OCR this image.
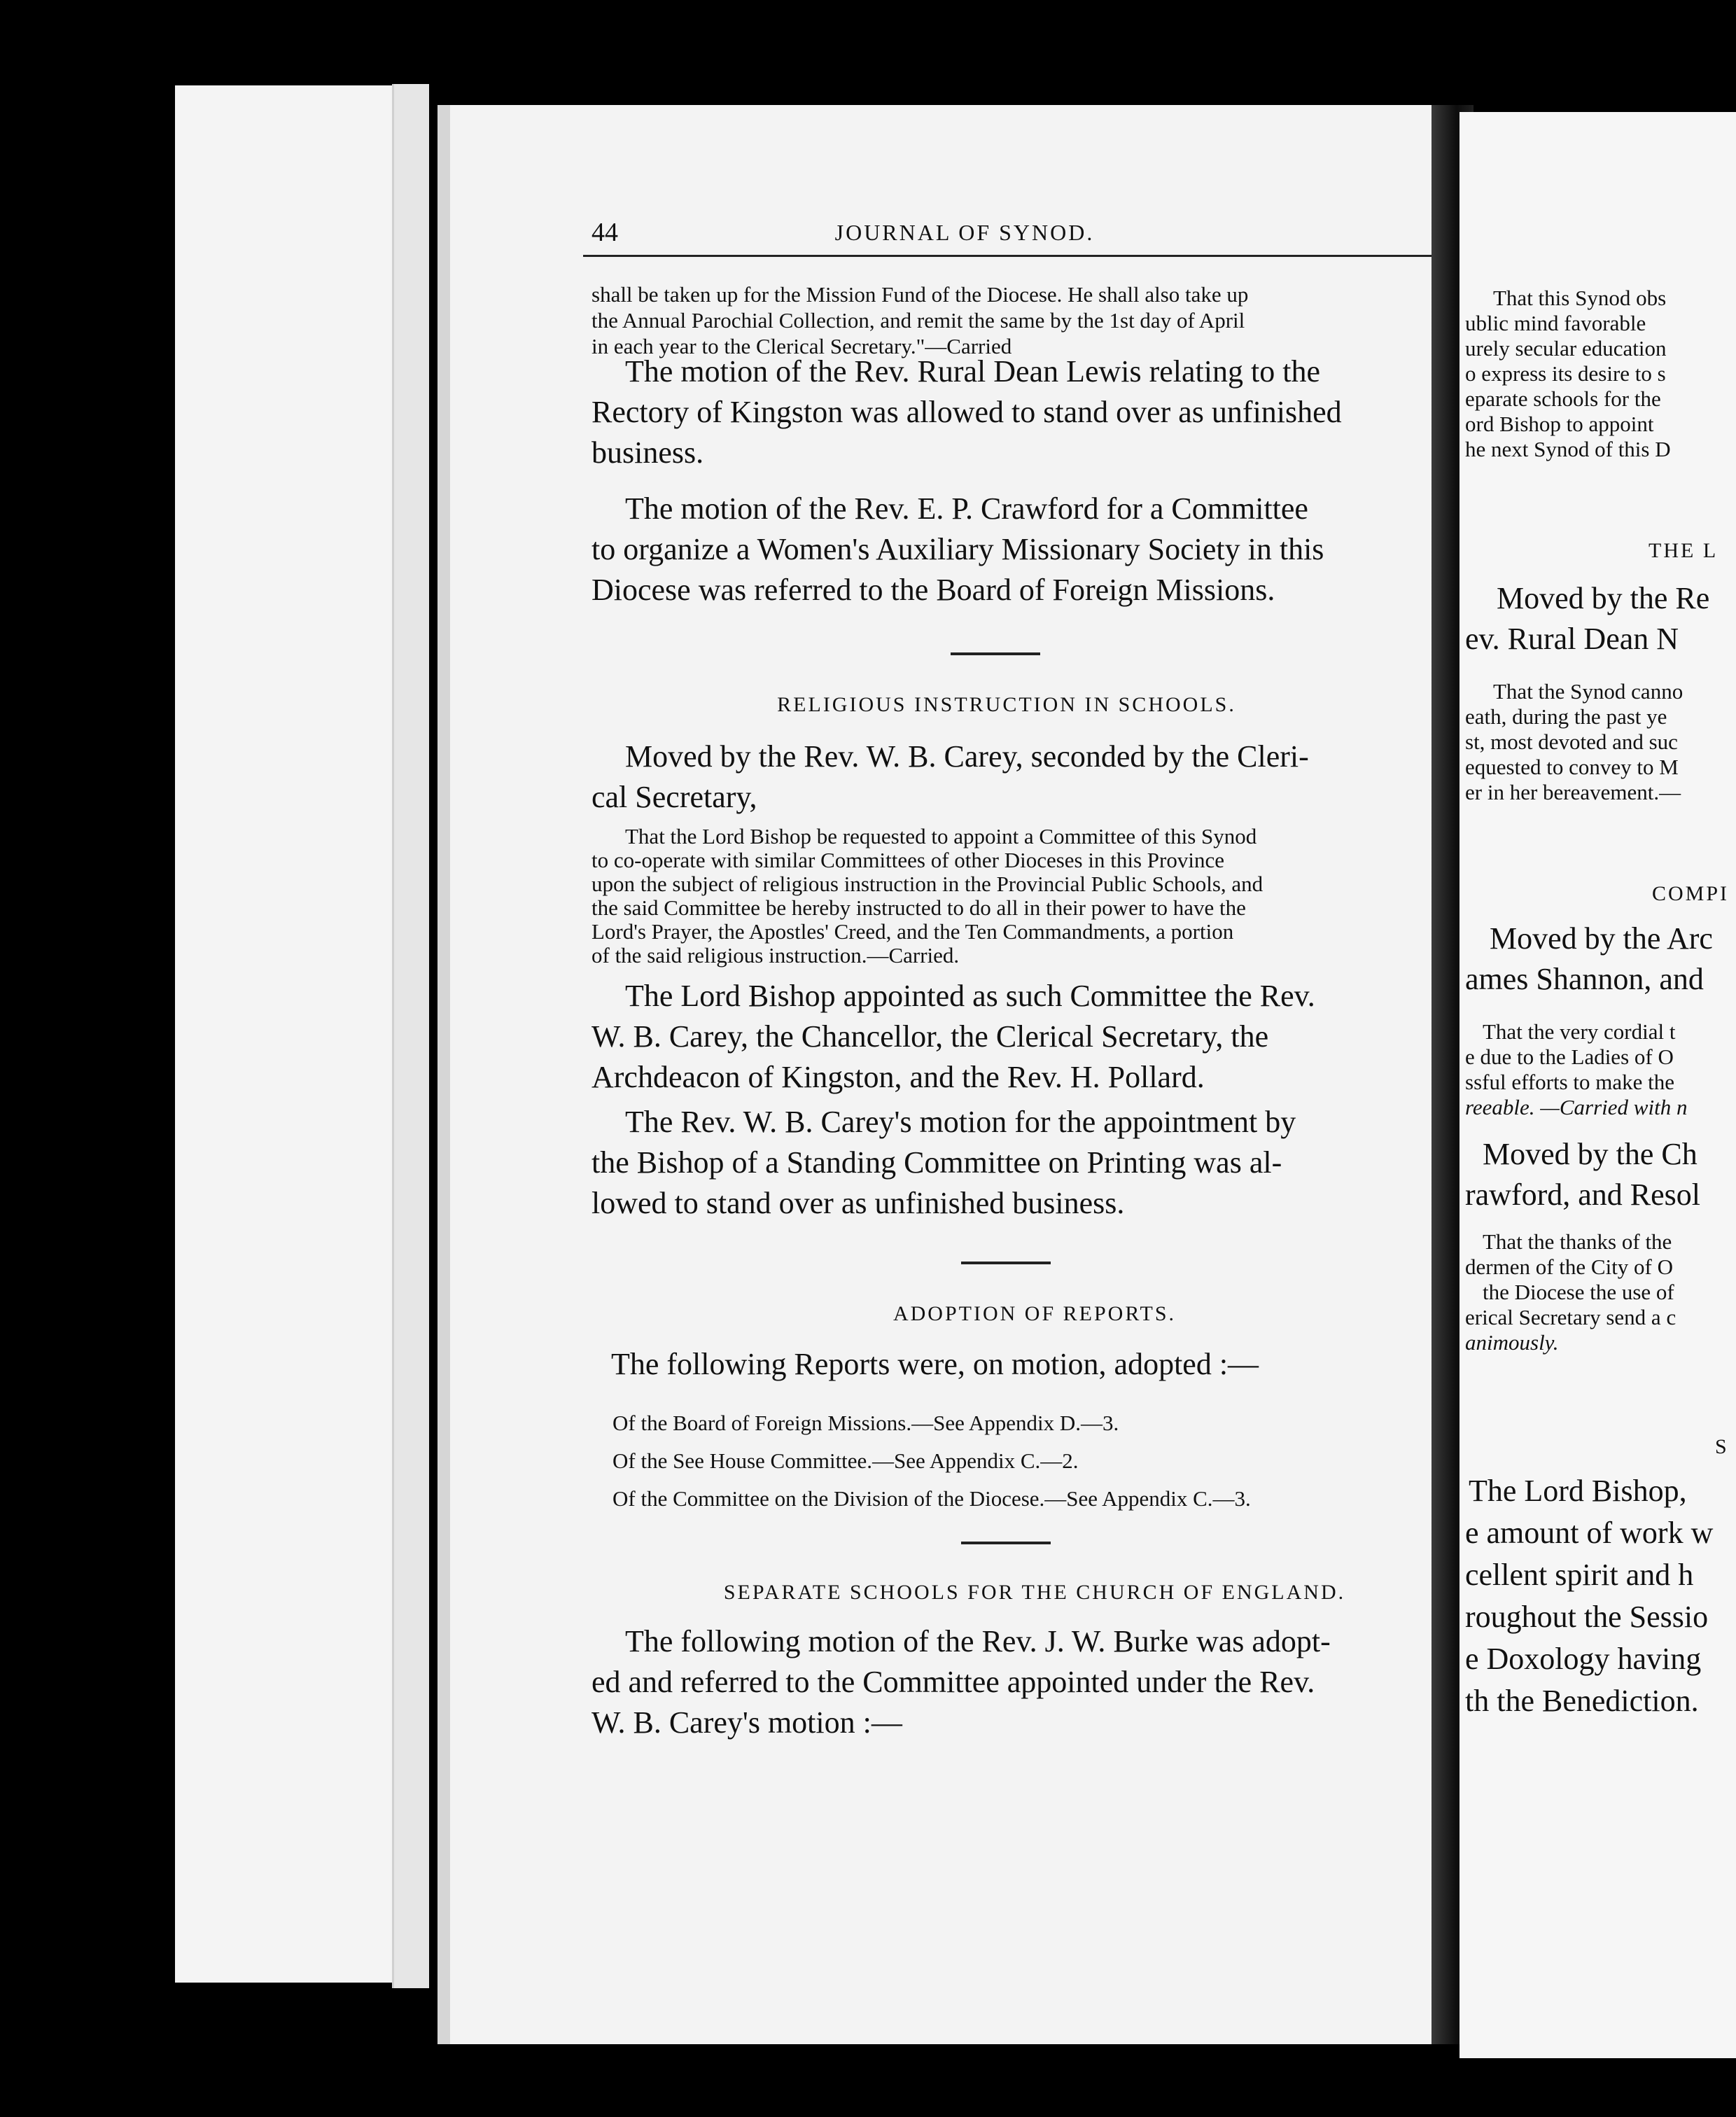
44	JOURNAL OF SYNOD.
shall be taken up for the Mission Fund of the Diocese. He shall also take up
the Annual Parochial Collection, and remit the same by the 1st day of April
in each year to the Clerical Secretary."—Carried
The motion of the Rev. Rural Dean Lewis relating to the
Rectory of Kingston was allowed to stand over as unfinished
business.
The motion of the Rev. E. P. Crawford for a Committee
to organize a Women's Auxiliary Missionary Society in this
Diocese was referred to the Board of Foreign Missions.
RELIGIOUS INSTRUCTION IN SCHOOLS.
Moved by the Rev. W. B. Carey, seconded by the Cleri-
cal Secretary,
That the Lord Bishop be requested to appoint a Committee of this Synod
to co-operate with similar Committees of other Dioceses in this Province
upon the subject of religious instruction in the Provincial Public Schools, and
the said Committee be hereby instructed to do all in their power to have the
Lord's Prayer, the Apostles' Creed, and the Ten Commandments, a portion
of the said religious instruction.—Carried.
The Lord Bishop appointed as such Committee the Rev.
W. B. Carey, the Chancellor, the Clerical Secretary, the
Archdeacon of Kingston, and the Rev. H. Pollard.
The Rev. W. B. Carey's motion for the appointment by
the Bishop of a Standing Committee on Printing was al-
lowed to stand over as unfinished business.
ADOPTION OF REPORTS.
The following Reports were, on motion, adopted :—
Of the Board of Foreign Missions.—See Appendix D.—3.
Of the See House Committee.—See Appendix C.—2.
Of the Committee on the Division of the Diocese.—See Appendix C.—3.
SEPARATE SCHOOLS FOR THE CHURCH OF ENGLAND.
The following motion of the Rev. J. W. Burke was adopt-
ed and referred to the Committee appointed under the Rev.
W. B. Carey's motion :—
That this Synod obs
ublic mind favorable
urely secular education
o express its desire to s
eparate schools for the
ord Bishop to appoint
he next Synod of this D
THE L
Moved by the Re
ev. Rural Dean N
That the Synod canno
eath, during the past ye
st, most devoted and suc
equested to convey to M
er in her bereavement.—
COMPI
Moved by the Arc
ames Shannon, and
That the very cordial t
e due to the Ladies of O
ssful efforts to make the
reeable. —Carried with n
Moved by the Ch
rawford, and Resol
That the thanks of the
dermen of the City of O
the Diocese the use of
erical Secretary send a c
animously.
S
The Lord Bishop,
e amount of work w
cellent spirit and h
roughout the Sessio
e Doxology having
th the Benediction.
